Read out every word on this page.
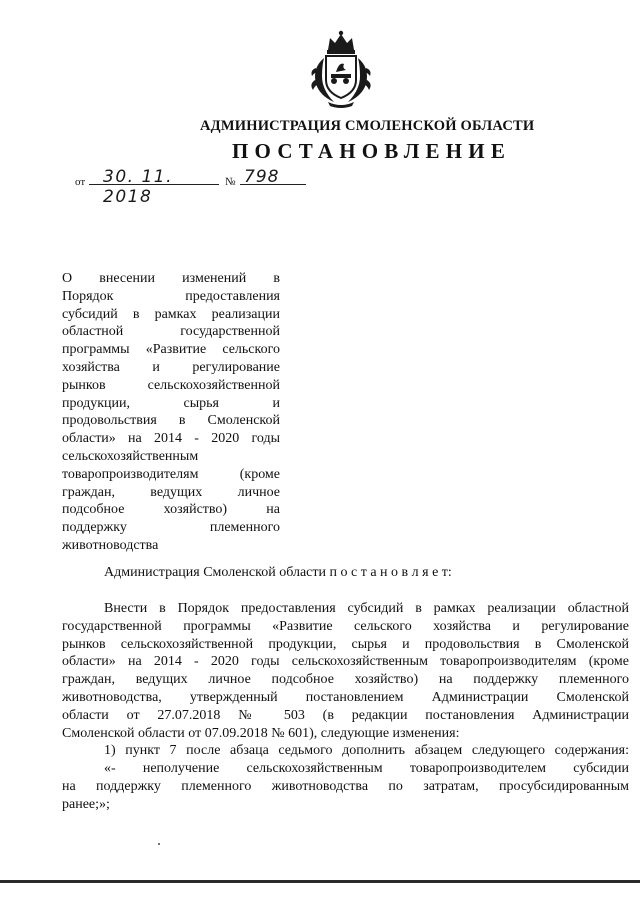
АДМИНИСТРАЦИЯ СМОЛЕНСКОЙ ОБЛАСТИ
ПОСТАНОВЛЕНИЕ
от	30. 11. 2018
№ 798
О внесении изменений в
Порядок предоставления
субсидий в рамках реализации
областной государственной
программы «Развитие сельского
хозяйства и регулирование
рынков сельскохозяйственной
продукции, сырья и
продовольствия в Смоленской
области» на 2014 - 2020 годы
сельскохозяйственным
товаропроизводителям (кроме
граждан, ведущих личное
подсобное хозяйство) на
поддержку племенного
животноводства
Администрация Смоленской области п о с т а н о в л я е т:
Внести в Порядок предоставления субсидий в рамках реализации областной
государственной программы «Развитие сельского хозяйства и регулирование
рынков сельскохозяйственной продукции, сырья и продовольствия в Смоленской
области» на 2014 - 2020 годы сельскохозяйственным товаропроизводителям (кроме
граждан, ведущих личное подсобное хозяйство) на поддержку племенного
животноводства, утвержденный постановлением Администрации Смоленской
области от 27.07.2018 № 503 (в редакции постановления Администрации
Смоленской области от 07.09.2018 № 601), следующие изменения:
1) пункт 7 после абзаца седьмого дополнить абзацем следующего содержания:
«- неполучение сельскохозяйственным товаропроизводителем субсидии
на поддержку племенного животноводства по затратам, просубсидированным
ранее;»;
